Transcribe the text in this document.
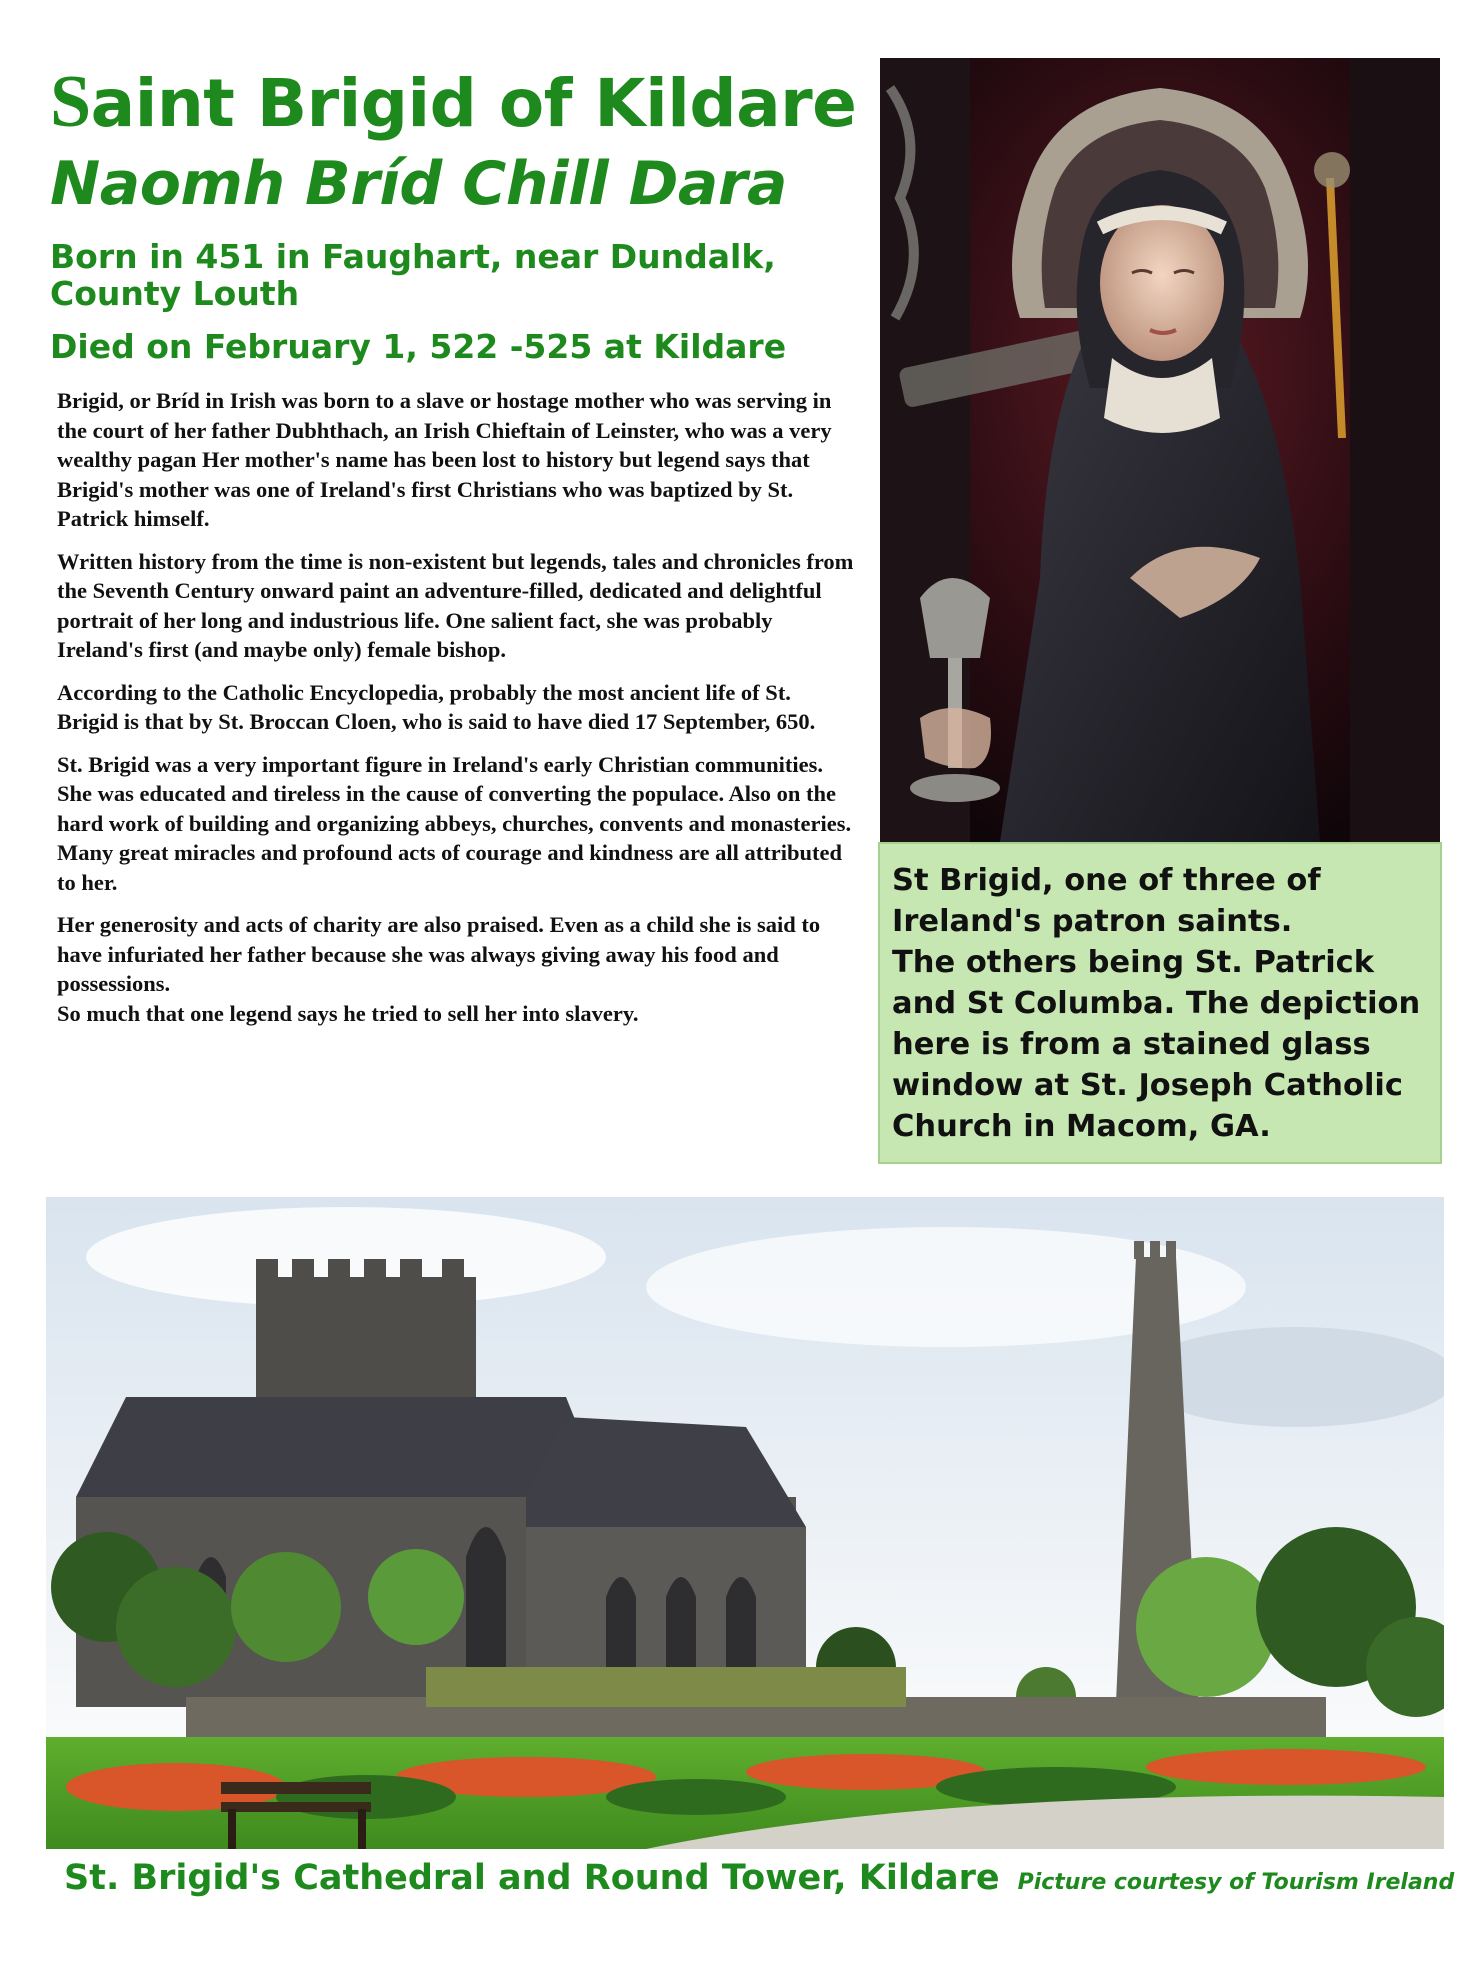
Saint Brigid of Kildare
Naomh Bríd Chill Dara
Born in 451 in Faughart, near Dundalk, County Louth
Died on February 1, 522 -525 at Kildare

Brigid, or Bríd in Irish was born to a slave or hostage mother who was serving in the court of her father Dubhthach, an Irish Chieftain of Leinster, who was a very wealthy pagan Her mother's name has been lost to history but legend says that Brigid's mother was one of Ireland's first Christians who was baptized by St. Patrick himself.

Written history from the time is non-existent but legends, tales and chronicles from the Seventh Century onward paint an adventure-filled, dedicated and delightful portrait of her long and industrious life. One salient fact, she was probably Ireland's first (and maybe only) female bishop.

According to the Catholic Encyclopedia, probably the most ancient life of St. Brigid is that by St. Broccan Cloen, who is said to have died 17 September, 650.

St. Brigid was a very important figure in Ireland's early Christian communities. She was educated and tireless in the cause of converting the populace. Also on the hard work of building and organizing abbeys, churches, convents and monasteries. Many great miracles and profound acts of courage and kindness are all attributed to her.

Her generosity and acts of charity are also praised. Even as a child she is said to have infuriated her father because she was always giving away his food and possessions.
So much that one legend says he tried to sell her into slavery.

St Brigid, one of three of Ireland's patron saints.
The others being St. Patrick and St Columba. The depiction here is from a stained glass window at St. Joseph Catholic Church in Macom, GA.

St. Brigid's Cathedral and Round Tower, Kildare Picture courtesy of Tourism Ireland
